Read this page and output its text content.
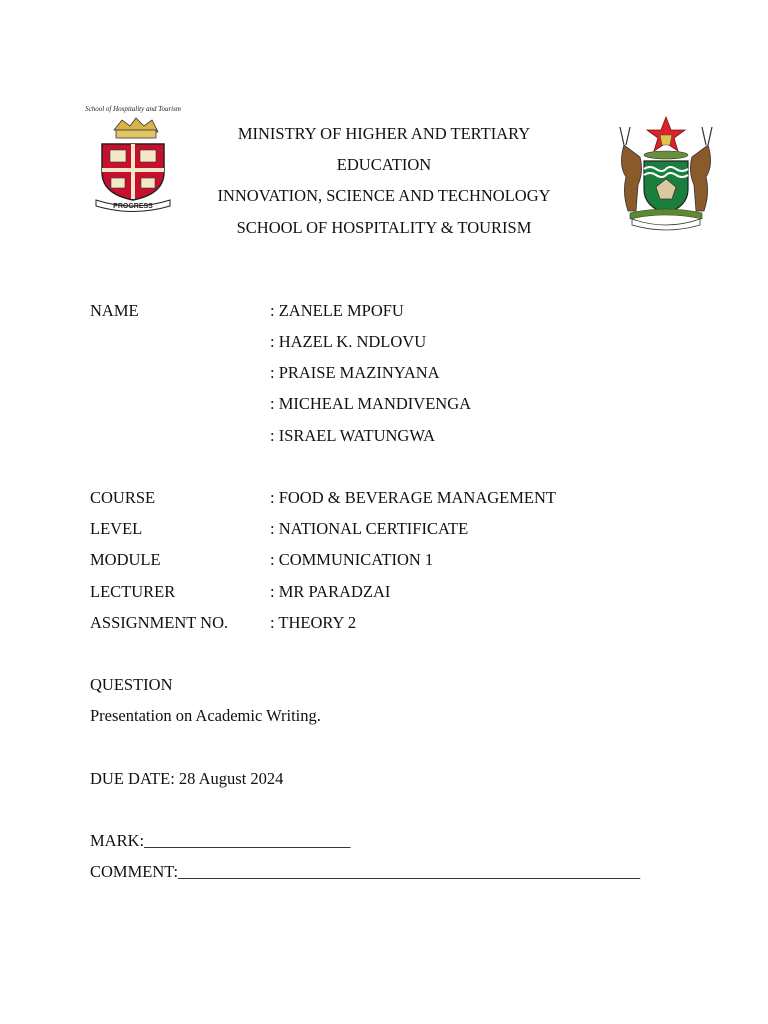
School of Hospitality and Tourism
PROGRESS
MINISTRY OF HIGHER AND TERTIARY
EDUCATION
INNOVATION, SCIENCE AND TECHNOLOGY
SCHOOL OF HOSPITALITY & TOURISM
NAME	: ZANELE MPOFU
: HAZEL K. NDLOVU
: PRAISE MAZINYANA
: MICHEAL MANDIVENGA
: ISRAEL WATUNGWA
COURSE	: FOOD & BEVERAGE MANAGEMENT
LEVEL	: NATIONAL CERTIFICATE
MODULE	: COMMUNICATION 1
LECTURER	: MR PARADZAI
ASSIGNMENT NO.	: THEORY 2
QUESTION
Presentation on Academic Writing.
DUE DATE: 28 August 2024
MARK:_________________________
COMMENT:________________________________________________________
